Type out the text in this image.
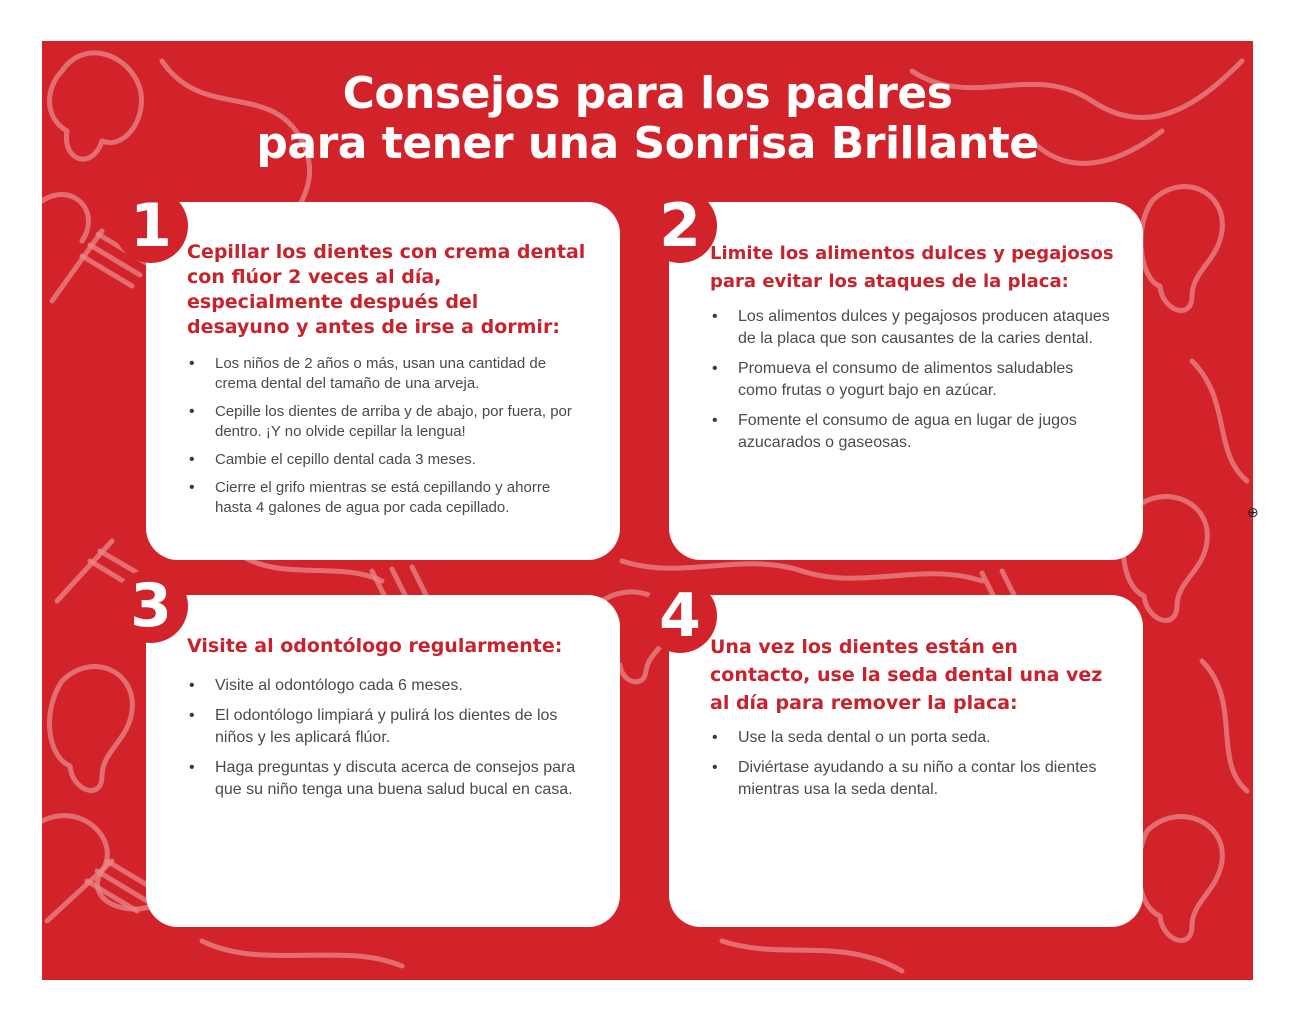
Consejos para los padres
para tener una Sonrisa Brillante
Cepillar los dientes con crema dental con flúor 2 veces al día, especialmente después del desayuno y antes de irse a dormir:
• Los niños de 2 años o más, usan una cantidad de crema dental del tamaño de una arveja.
• Cepille los dientes de arriba y de abajo, por fuera, por dentro. ¡Y no olvide cepillar la lengua!
• Cambie el cepillo dental cada 3 meses.
• Cierre el grifo mientras se está cepillando y ahorre hasta 4 galones de agua por cada cepillado.
1	Limite los alimentos dulces y pegajosos para evitar los ataques de la placa:
• Los alimentos dulces y pegajosos producen ataques de la placa que son causantes de la caries dental.
• Promueva el consumo de alimentos saludables como frutas o yogurt bajo en azúcar.
• Fomente el consumo de agua en lugar de jugos azucarados o gaseosas.
2
Visite al odontólogo regularmente:
• Visite al odontólogo cada 6 meses.
• El odontólogo limpiará y pulirá los dientes de los niños y les aplicará flúor.
• Haga preguntas y discuta acerca de consejos para que su niño tenga una buena salud bucal en casa.
3
Una vez los dientes están en contacto, use la seda dental una vez al día para remover la placa:
• Use la seda dental o un porta seda.
• Diviértase ayudando a su niño a contar los dientes mientras usa la seda dental.
4
⊕
